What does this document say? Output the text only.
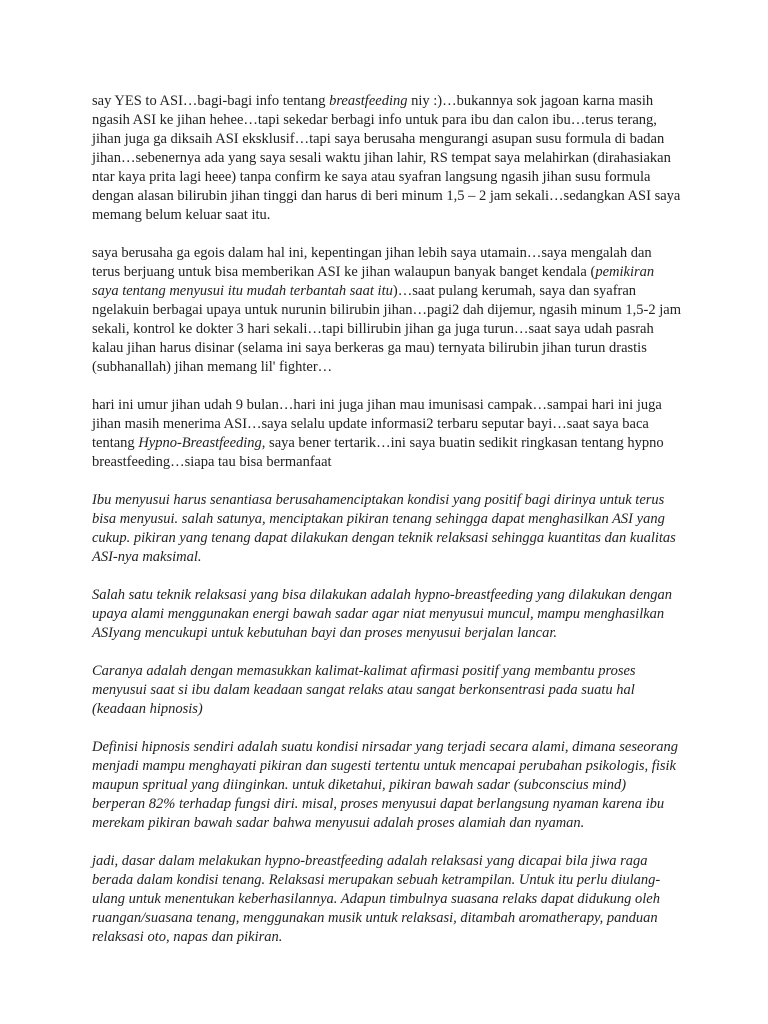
say YES to ASI…bagi-bagi info tentang breastfeeding niy :)…bukannya sok jagoan karna masih ngasih ASI ke jihan hehee…tapi sekedar berbagi info untuk para ibu dan calon ibu…terus terang, jihan juga ga diksaih ASI eksklusif…tapi saya berusaha mengurangi asupan susu formula di badan jihan…sebenernya ada yang saya sesali waktu jihan lahir, RS tempat saya melahirkan (dirahasiakan ntar kaya prita lagi heee) tanpa confirm ke saya atau syafran langsung ngasih jihan susu formula dengan alasan bilirubin jihan tinggi dan harus di beri minum 1,5 – 2 jam sekali…sedangkan ASI saya memang belum keluar saat itu.

saya berusaha ga egois dalam hal ini, kepentingan jihan lebih saya utamain…saya mengalah dan terus berjuang untuk bisa memberikan ASI ke jihan walaupun banyak banget kendala (pemikiran saya tentang menyusui itu mudah terbantah saat itu)…saat pulang kerumah, saya dan syafran ngelakuin berbagai upaya untuk nurunin bilirubin jihan…pagi2 dah dijemur, ngasih minum 1,5-2 jam sekali, kontrol ke dokter 3 hari sekali…tapi billirubin jihan ga juga turun…saat saya udah pasrah kalau jihan harus disinar (selama ini saya berkeras ga mau) ternyata bilirubin jihan turun drastis (subhanallah) jihan memang lil' fighter…

hari ini umur jihan udah 9 bulan…hari ini juga jihan mau imunisasi campak…sampai hari ini juga jihan masih menerima ASI…saya selalu update informasi2 terbaru seputar bayi…saat saya baca tentang Hypno-Breastfeeding, saya bener tertarik…ini saya buatin sedikit ringkasan tentang hypno breastfeeding…siapa tau bisa bermanfaat

Ibu menyusui harus senantiasa berusahamenciptakan kondisi yang positif bagi dirinya untuk terus bisa menyusui. salah satunya, menciptakan pikiran tenang sehingga dapat menghasilkan ASI yang cukup. pikiran yang tenang dapat dilakukan dengan teknik relaksasi sehingga kuantitas dan kualitas ASI-nya maksimal.

Salah satu teknik relaksasi yang bisa dilakukan adalah hypno-breastfeeding yang dilakukan dengan upaya alami menggunakan energi bawah sadar agar niat menyusui muncul, mampu menghasilkan ASIyang mencukupi untuk kebutuhan bayi dan proses menyusui berjalan lancar.

Caranya adalah dengan memasukkan kalimat-kalimat afirmasi positif yang membantu proses menyusui saat si ibu dalam keadaan sangat relaks atau sangat berkonsentrasi pada suatu hal (keadaan hipnosis)

Definisi hipnosis sendiri adalah suatu kondisi nirsadar yang terjadi secara alami, dimana seseorang menjadi mampu menghayati pikiran dan sugesti tertentu untuk mencapai perubahan psikologis, fisik maupun spritual yang diinginkan. untuk diketahui, pikiran bawah sadar (subconscius mind) berperan 82% terhadap fungsi diri. misal, proses menyusui dapat berlangsung nyaman karena ibu merekam pikiran bawah sadar bahwa menyusui adalah proses alamiah dan nyaman.

jadi, dasar dalam melakukan hypno-breastfeeding adalah relaksasi yang dicapai bila jiwa raga berada dalam kondisi tenang. Relaksasi merupakan sebuah ketrampilan. Untuk itu perlu diulang-ulang untuk menentukan keberhasilannya. Adapun timbulnya suasana relaks dapat didukung oleh ruangan/suasana tenang, menggunakan musik untuk relaksasi, ditambah aromatherapy, panduan relaksasi oto, napas dan pikiran.
